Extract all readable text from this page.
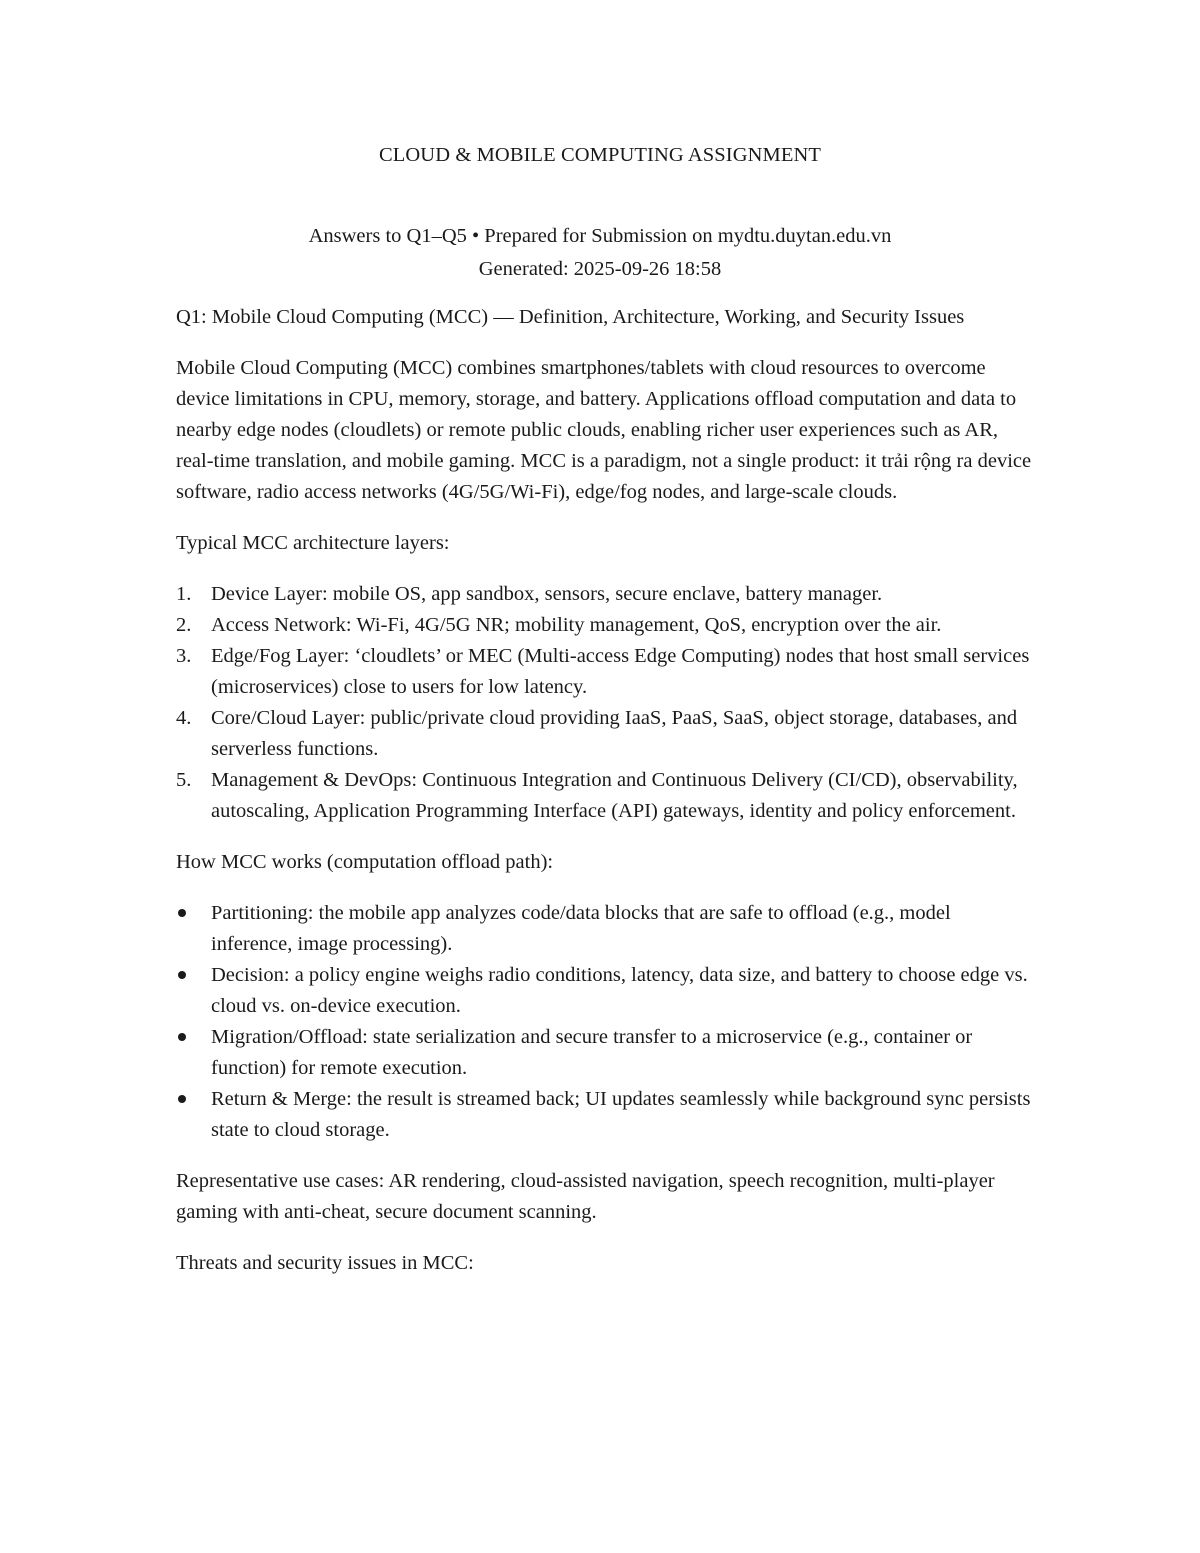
CLOUD & MOBILE COMPUTING ASSIGNMENT
Answers to Q1–Q5 • Prepared for Submission on mydtu.duytan.edu.vn
Generated: 2025-09-26 18:58
Q1: Mobile Cloud Computing (MCC) — Definition, Architecture, Working, and Security Issues

Mobile Cloud Computing (MCC) combines smartphones/tablets with cloud resources to overcome device limitations in CPU, memory, storage, and battery. Applications offload computation and data to nearby edge nodes (cloudlets) or remote public clouds, enabling richer user experiences such as AR, real-time translation, and mobile gaming. MCC is a paradigm, not a single product: it trải rộng ra device software, radio access networks (4G/5G/Wi-Fi), edge/fog nodes, and large-scale clouds.

Typical MCC architecture layers:

1. Device Layer: mobile OS, app sandbox, sensors, secure enclave, battery manager.
2. Access Network: Wi-Fi, 4G/5G NR; mobility management, QoS, encryption over the air.
3. Edge/Fog Layer: ‘cloudlets’ or MEC (Multi-access Edge Computing) nodes that host small services (microservices) close to users for low latency.
4. Core/Cloud Layer: public/private cloud providing IaaS, PaaS, SaaS, object storage, databases, and serverless functions.
5. Management & DevOps: Continuous Integration and Continuous Delivery (CI/CD), observability, autoscaling, Application Programming Interface (API) gateways, identity and policy enforcement.

How MCC works (computation offload path):

Partitioning: the mobile app analyzes code/data blocks that are safe to offload (e.g., model inference, image processing).
Decision: a policy engine weighs radio conditions, latency, data size, and battery to choose edge vs. cloud vs. on-device execution.
Migration/Offload: state serialization and secure transfer to a microservice (e.g., container or function) for remote execution.
Return & Merge: the result is streamed back; UI updates seamlessly while background sync persists state to cloud storage.

Representative use cases: AR rendering, cloud-assisted navigation, speech recognition, multi-player gaming with anti-cheat, secure document scanning.

Threats and security issues in MCC:
